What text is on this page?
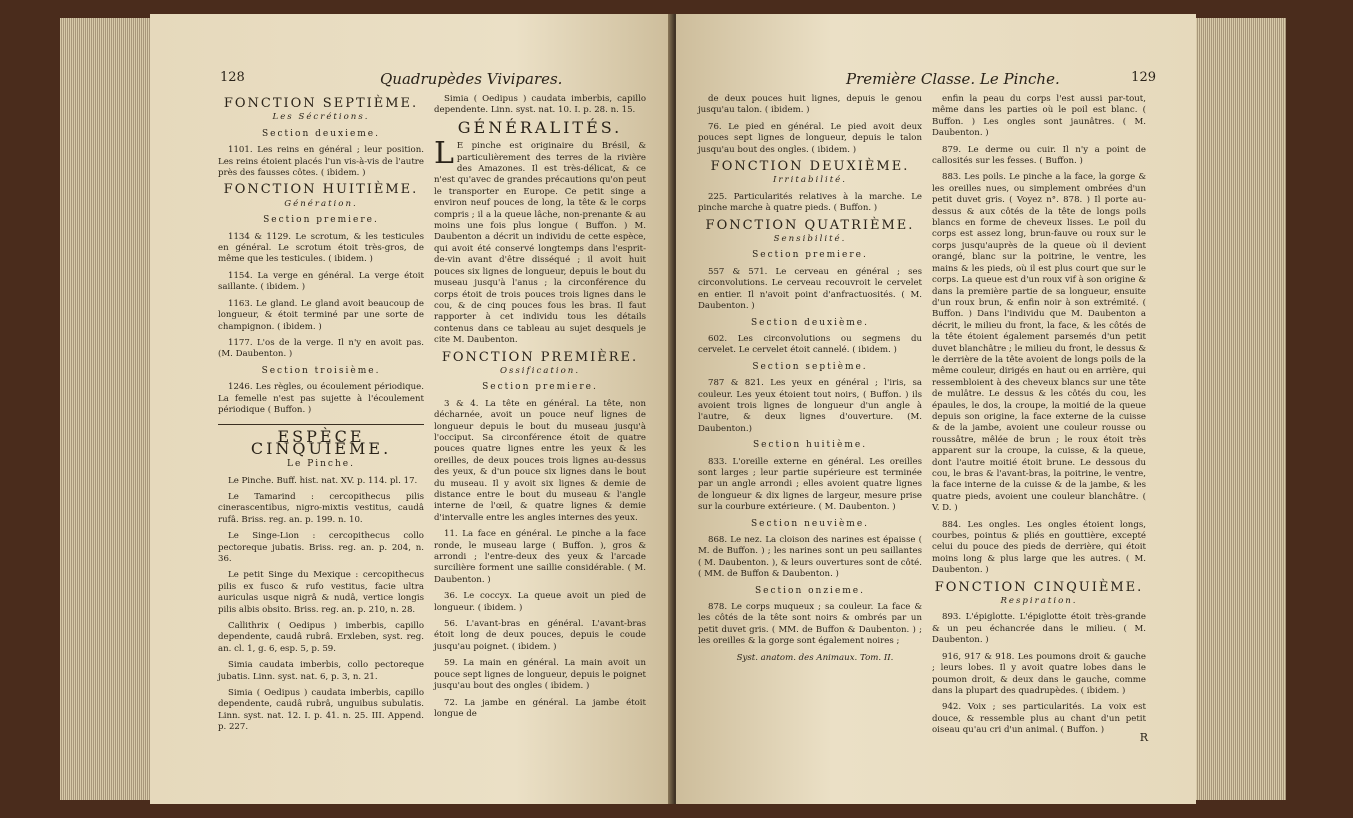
128	Quadrupèdes Vivipares.
FONCTION SEPTIÈME.
Les Sécrétions.
Section deuxieme.

1101. Les reins en général ; leur position. Les reins étoient placés l'un vis-à-vis de l'autre près des fausses côtes. ( ibidem. )

FONCTION HUITIÈME.
Génération.
Section premiere.

1134 & 1129. Le scrotum, & les testicules en général. Le scrotum étoit très-gros, de même que les testicules. ( ibidem. )

1154. La verge en général. La verge étoit saillante. ( ibidem. )

1163. Le gland. Le gland avoit beaucoup de longueur, & étoit terminé par une sorte de champignon. ( ibidem. )

1177. L'os de la verge. Il n'y en avoit pas. (M. Daubenton. )

Section troisième.

1246. Les règles, ou écoulement périodique. La femelle n'est pas sujette à l'écoulement périodique ( Buffon. )

ESPÈCE CINQUIÈME.
Le Pinche.

Le Pinche. Buff. hist. nat. XV. p. 114. pl. 17.

Le Tamarind : cercopithecus pilis cinerascentibus, nigro-mixtis vestitus, caudâ rufâ. Briss. reg. an. p. 199. n. 10.

Le Singe-Lion : cercopithecus collo pectoreque jubatis. Briss. reg. an. p. 204, n. 36.

Le petit Singe du Mexique : cercopithecus pilis ex fusco & rufo vestitus, facie ultra auriculas usque nigrâ & nudâ, vertice longis pilis albis obsito. Briss. reg. an. p. 210, n. 28.

Callithrix ( Oedipus ) imberbis, capillo dependente, caudâ rubrâ. Erxleben, syst. reg. an. cl. 1, g. 6, esp. 5, p. 59.

Simia caudata imberbis, collo pectoreque jubatis. Linn. syst. nat. 6, p. 3, n. 21.

Simia ( Oedipus ) caudata imberbis, capillo dependente, caudâ rubrâ, unguibus subulatis. Linn. syst. nat. 12. I. p. 41. n. 25. III. Append. p. 227.

Simia ( Oedipus ) caudata imberbis, capillo dependente. Linn. syst. nat. 10. I. p. 28. n. 15.

GÉNÉRALITÉS.

L E pinche est originaire du Brésil, & particulièrement des terres de la rivière des Amazones. Il est très-délicat, & ce n'est qu'avec de grandes précautions qu'on peut le transporter en Europe. Ce petit singe a environ neuf pouces de long, la tête & le corps compris ; il a la queue lâche, non-prenante & au moins une fois plus longue ( Buffon. ) M. Daubenton a décrit un individu de cette espèce, qui avoit été conservé longtemps dans l'esprit-de-vin avant d'être disséqué ; il avoit huit pouces six lignes de longueur, depuis le bout du museau jusqu'à l'anus ; la circonférence du corps étoit de trois pouces trois lignes dans le cou, & de cinq pouces fous les bras. Il faut rapporter à cet individu tous les détails contenus dans ce tableau au sujet desquels je cite M. Daubenton.

FONCTION PREMIÈRE.
Ossification.
Section premiere.

3 & 4. La tête en général. La tête, non décharnée, avoit un pouce neuf lignes de longueur depuis le bout du museau jusqu'à l'occiput. Sa circonférence étoit de quatre pouces quatre lignes entre les yeux & les oreilles, de deux pouces trois lignes au-dessus des yeux, & d'un pouce six lignes dans le bout du museau. Il y avoit six lignes & demie de distance entre le bout du museau & l'angle interne de l'œil, & quatre lignes & demie d'intervalle entre les angles internes des yeux.

11. La face en général. Le pinche a la face ronde, le museau large ( Buffon. ), gros & arrondi ; l'entre-deux des yeux & l'arcade surcilière forment une saillie considérable. ( M. Daubenton. )

36. Le coccyx. La queue avoit un pied de longueur. ( ibidem. )

56. L'avant-bras en général. L'avant-bras étoit long de deux pouces, depuis le coude jusqu'au poignet. ( ibidem. )

59. La main en général. La main avoit un pouce sept lignes de longueur, depuis le poignet jusqu'au bout des ongles ( ibidem. )

72. La jambe en général. La jambe étoit longue de

Première Classe. Le Pinche.	129

de deux pouces huit lignes, depuis le genou jusqu'au talon. ( ibidem. )

76. Le pied en général. Le pied avoit deux pouces sept lignes de longueur, depuis le talon jusqu'au bout des ongles. ( ibidem. )

FONCTION DEUXIÈME.
Irritabilité.

225. Particularités relatives à la marche. Le pinche marche à quatre pieds. ( Buffon. )

FONCTION QUATRIÈME.
Sensibilité.
Section premiere.

557 & 571. Le cerveau en général ; ses circonvolutions. Le cerveau recouvroit le cervelet en entier. Il n'avoit point d'anfractuosités. ( M. Daubenton. )

Section deuxième.

602. Les circonvolutions ou segmens du cervelet. Le cervelet étoit cannelé. ( ibidem. )

Section septième.

787 & 821. Les yeux en général ; l'iris, sa couleur. Les yeux étoient tout noirs, ( Buffon. ) ils avoient trois lignes de longueur d'un angle à l'autre, & deux lignes d'ouverture. (M. Daubenton.)

Section huitième.

833. L'oreille externe en général. Les oreilles sont larges ; leur partie supérieure est terminée par un angle arrondi ; elles avoient quatre lignes de longueur & dix lignes de largeur, mesure prise sur la courbure extérieure. ( M. Daubenton. )

Section neuvième.

868. Le nez. La cloison des narines est épaisse ( M. de Buffon. ) ; les narines sont un peu saillantes ( M. Daubenton. ), & leurs ouvertures sont de côté. ( MM. de Buffon & Daubenton. )

Section onzieme.

878. Le corps muqueux ; sa couleur. La face & les côtés de la tête sont noirs & ombrés par un petit duvet gris. ( MM. de Buffon & Daubenton. ) ; les oreilles & la gorge sont également noires ;

Syst. anatom. des Animaux. Tom. II.

enfin la peau du corps l'est aussi par-tout, même dans les parties où le poil est blanc. ( Buffon. ) Les ongles sont jaunâtres. ( M. Daubenton. )

879. Le derme ou cuir. Il n'y a point de callosités sur les fesses. ( Buffon. )

883. Les poils. Le pinche a la face, la gorge & les oreilles nues, ou simplement ombrées d'un petit duvet gris. ( Voyez n°. 878. ) Il porte au-dessus & aux côtés de la tête de longs poils blancs en forme de cheveux lisses. Le poil du corps est assez long, brun-fauve ou roux sur le corps jusqu'auprès de la queue où il devient orangé, blanc sur la poitrine, le ventre, les mains & les pieds, où il est plus court que sur le corps. La queue est d'un roux vif à son origine & dans la première partie de sa longueur, ensuite d'un roux brun, & enfin noir à son extrémité. ( Buffon. ) Dans l'individu que M. Daubenton a décrit, le milieu du front, la face, & les côtés de la tête étoient également parsemés d'un petit duvet blanchâtre ; le milieu du front, le dessus & le derrière de la tête avoient de longs poils de la même couleur, dirigés en haut ou en arrière, qui ressembloient à des cheveux blancs sur une tête de mulâtre. Le dessus & les côtés du cou, les épaules, le dos, la croupe, la moitié de la queue depuis son origine, la face externe de la cuisse & de la jambe, avoient une couleur rousse ou roussâtre, mêlée de brun ; le roux étoit très apparent sur la croupe, la cuisse, & la queue, dont l'autre moitié étoit brune. Le dessous du cou, le bras & l'avant-bras, la poitrine, le ventre, la face interne de la cuisse & de la jambe, & les quatre pieds, avoient une couleur blanchâtre. ( V. D. )

884. Les ongles. Les ongles étoient longs, courbes, pointus & pliés en gouttière, excepté celui du pouce des pieds de derrière, qui étoit moins long & plus large que les autres. ( M. Daubenton. )

FONCTION CINQUIÈME.
Respiration.

893. L'épiglotte. L'épiglotte étoit très-grande & un peu échancrée dans le milieu. ( M. Daubenton. )

916, 917 & 918. Les poumons droit & gauche ; leurs lobes. Il y avoit quatre lobes dans le poumon droit, & deux dans le gauche, comme dans la plupart des quadrupèdes. ( ibidem. )

942. Voix ; ses particularités. La voix est douce, & ressemble plus au chant d'un petit oiseau qu'au cri d'un animal. ( Buffon. )

R
